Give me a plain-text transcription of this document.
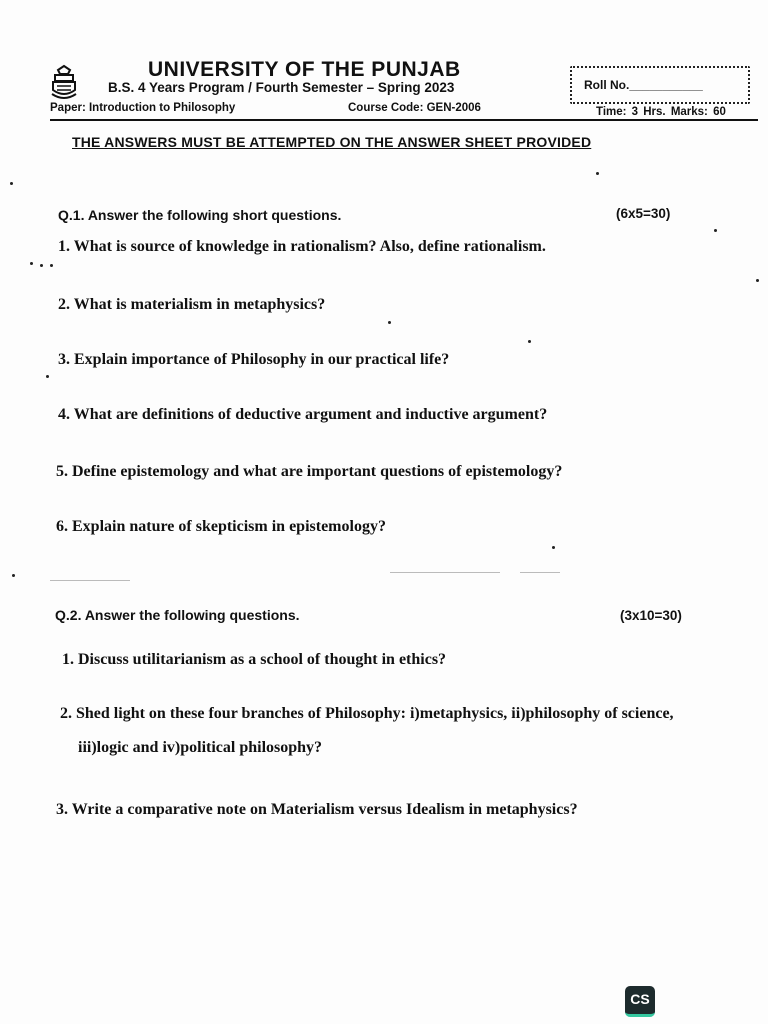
UNIVERSITY OF THE PUNJAB
B.S. 4 Years Program / Fourth Semester – Spring 2023	Roll No.___________
Paper: Introduction to Philosophy	Course Code: GEN-2006	Time: 3 Hrs. Marks: 60
THE ANSWERS MUST BE ATTEMPTED ON THE ANSWER SHEET PROVIDED
Q.1. Answer the following short questions.	(6x5=30)
1. What is source of knowledge in rationalism? Also, define rationalism.
2. What is materialism in metaphysics?
3. Explain importance of Philosophy in our practical life?
4. What are definitions of deductive argument and inductive argument?
5. Define epistemology and what are important questions of epistemology?
6. Explain nature of skepticism in epistemology?
Q.2. Answer the following questions.	(3x10=30)
1. Discuss utilitarianism as a school of thought in ethics?
2. Shed light on these four branches of Philosophy: i)metaphysics, ii)philosophy of science,
iii)logic and iv)political philosophy?
3. Write a comparative note on Materialism versus Idealism in metaphysics?
CS
